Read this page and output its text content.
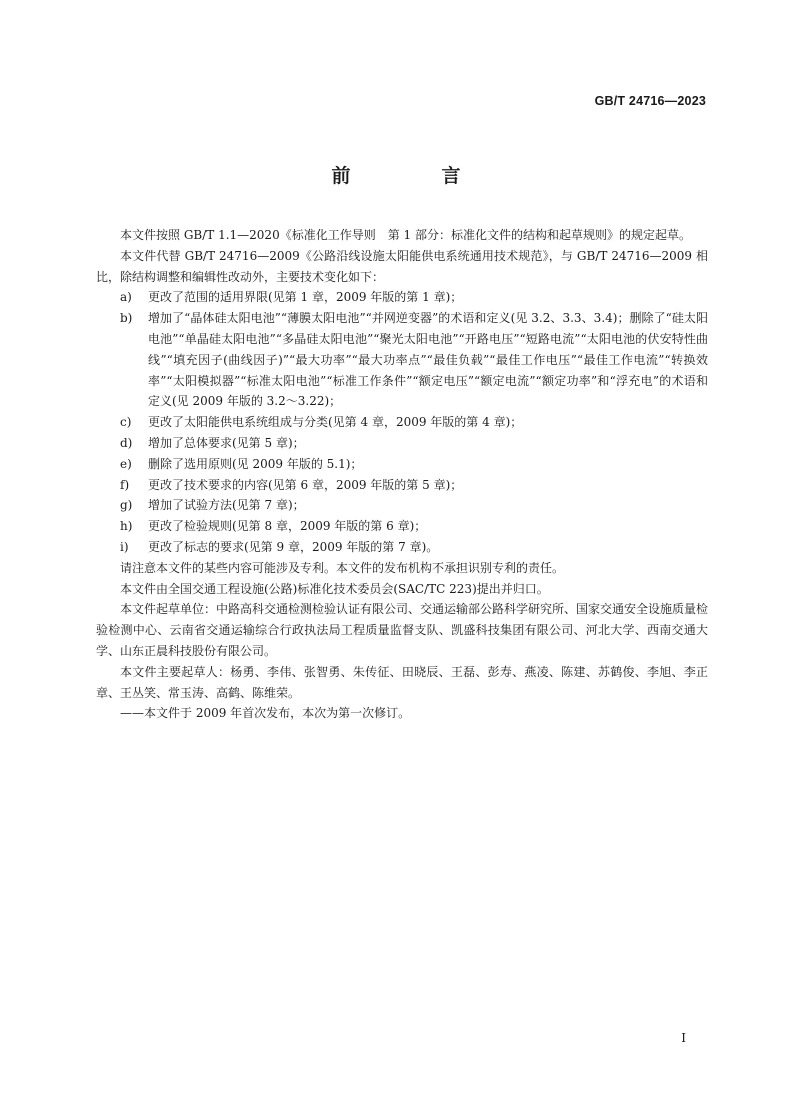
GB/T 24716—2023
前　言

本文件按照 GB/T 1.1—2020《标准化工作导则　第 1 部分：标准化文件的结构和起草规则》的规定起草。

本文件代替 GB/T 24716—2009《公路沿线设施太阳能供电系统通用技术规范》，与 GB/T 24716—2009 相比，除结构调整和编辑性改动外，主要技术变化如下：

a)	更改了范围的适用界限(见第 1 章，2009 年版的第 1 章)；
b)	增加了“晶体硅太阳电池”“薄膜太阳电池”“并网逆变器”的术语和定义(见 3.2、3.3、3.4)；删除了“硅太阳电池”“单晶硅太阳电池”“多晶硅太阳电池”“聚光太阳电池”“开路电压”“短路电流”“太阳电池的伏安特性曲线”“填充因子(曲线因子)”“最大功率”“最大功率点”“最佳负载”“最佳工作电压”“最佳工作电流”“转换效率”“太阳模拟器”“标准太阳电池”“标准工作条件”“额定电压”“额定电流”“额定功率”和“浮充电”的术语和定义(见 2009 年版的 3.2～3.22)；
c)	更改了太阳能供电系统组成与分类(见第 4 章，2009 年版的第 4 章)；
d)	增加了总体要求(见第 5 章)；
e)	删除了选用原则(见 2009 年版的 5.1)；
f)	更改了技术要求的内容(见第 6 章，2009 年版的第 5 章)；
g)	增加了试验方法(见第 7 章)；
h)	更改了检验规则(见第 8 章，2009 年版的第 6 章)；
i)	更改了标志的要求(见第 9 章，2009 年版的第 7 章)。

请注意本文件的某些内容可能涉及专利。本文件的发布机构不承担识别专利的责任。

本文件由全国交通工程设施(公路)标准化技术委员会(SAC/TC 223)提出并归口。

本文件起草单位：中路高科交通检测检验认证有限公司、交通运输部公路科学研究所、国家交通安全设施质量检验检测中心、云南省交通运输综合行政执法局工程质量监督支队、凯盛科技集团有限公司、河北大学、西南交通大学、山东正晨科技股份有限公司。

本文件主要起草人：杨勇、李伟、张智勇、朱传征、田晓辰、王磊、彭寿、燕凌、陈建、苏鹤俊、李旭、李正章、王丛笑、常玉涛、高鹤、陈维荣。

——本文件于 2009 年首次发布，本次为第一次修订。

I
